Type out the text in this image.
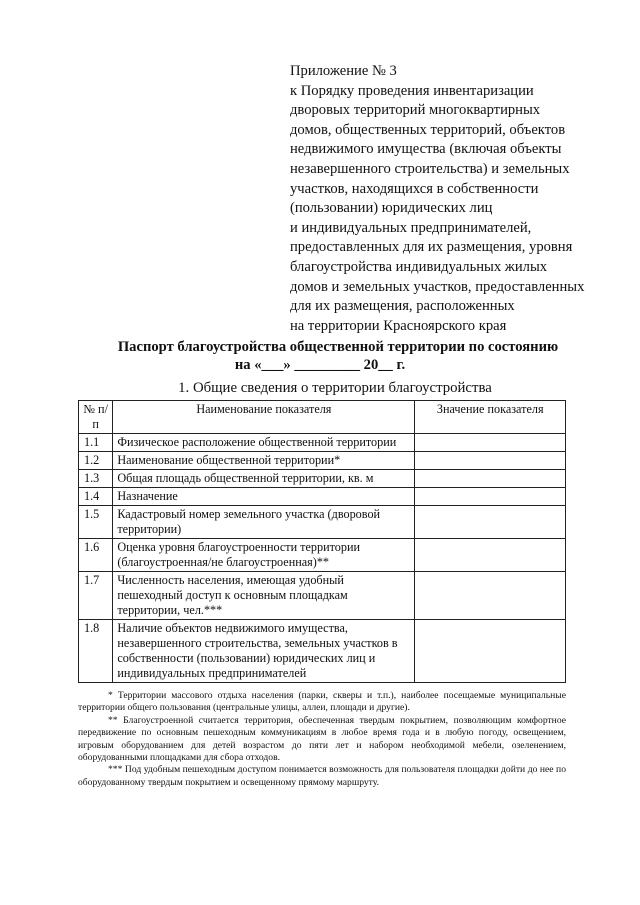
Приложение № 3
к Порядку проведения инвентаризации
дворовых территорий многоквартирных
домов, общественных территорий, объектов
недвижимого имущества (включая объекты
незавершенного строительства) и земельных
участков, находящихся в собственности
(пользовании) юридических лиц
и индивидуальных предпринимателей,
предоставленных для их размещения, уровня
благоустройства индивидуальных жилых
домов и земельных участков, предоставленных
для их размещения, расположенных
на территории Красноярского края
Паспорт благоустройства общественной территории по состоянию
на «___» _________ 20__ г.
1. Общие сведения о территории благоустройства
№ п/п	Наименование показателя	Значение показателя
1.1	Физическое расположение общественной территории	
1.2	Наименование общественной территории*	
1.3	Общая площадь общественной территории, кв. м	
1.4	Назначение	
1.5	Кадастровый номер земельного участка (дворовой территории)	
1.6	Оценка уровня благоустроенности территории (благоустроенная/не благоустроенная)**	
1.7	Численность населения, имеющая удобный пешеходный доступ к основным площадкам территории, чел.***	
1.8	Наличие объектов недвижимого имущества, незавершенного строительства, земельных участков в собственности (пользовании) юридических лиц и индивидуальных предпринимателей	

* Территории массового отдыха населения (парки, скверы и т.п.), наиболее посещаемые муниципальные территории общего пользования (центральные улицы, аллеи, площади и другие).

** Благоустроенной считается территория, обеспеченная твердым покрытием, позволяющим комфортное передвижение по основным пешеходным коммуникациям в любое время года и в любую погоду, освещением, игровым оборудованием для детей возрастом до пяти лет и набором необходимой мебели, озеленением, оборудованными площадками для сбора отходов.

*** Под удобным пешеходным доступом понимается возможность для пользователя площадки дойти до нее по оборудованному твердым покрытием и освещенному прямому маршруту.
